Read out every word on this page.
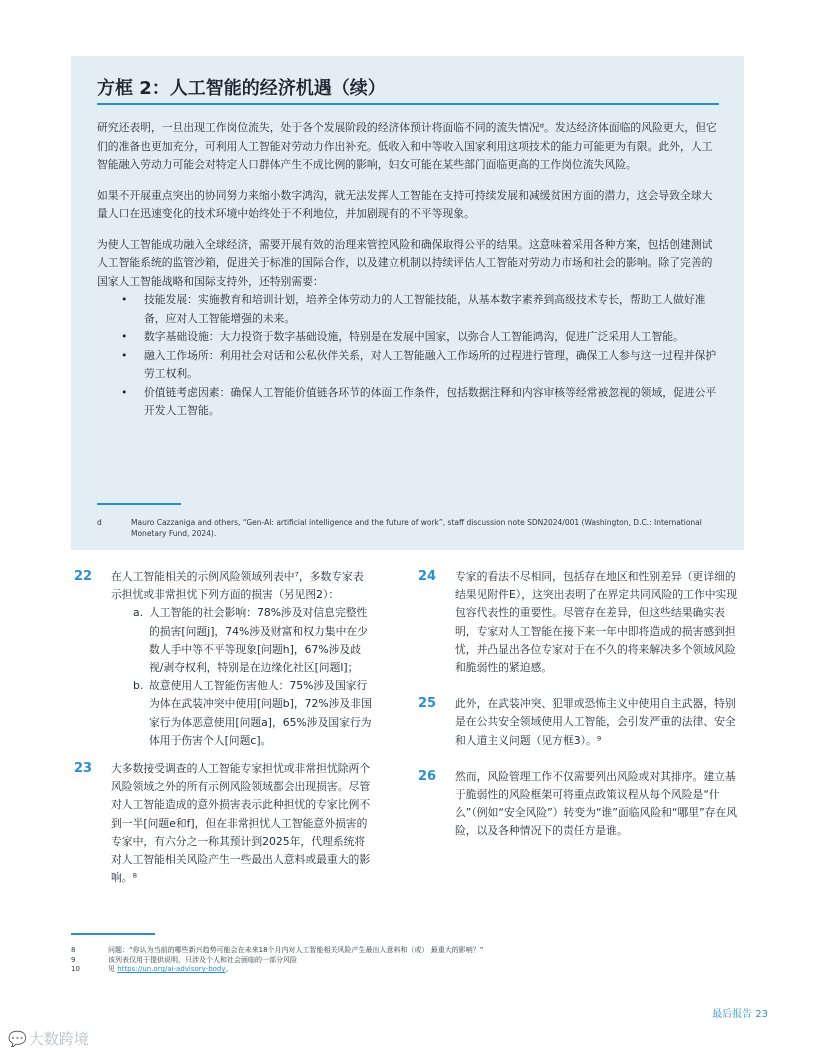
方框 2：人工智能的经济机遇（续）

研究还表明，一旦出现工作岗位流失，处于各个发展阶段的经济体预计将面临不同的流失情况ᵈ。发达经济体面临的风险更大，但它们的准备也更加充分，可利用人工智能对劳动力作出补充。低收入和中等收入国家利用这项技术的能力可能更为有限。此外，人工智能融入劳动力可能会对特定人口群体产生不成比例的影响，妇女可能在某些部门面临更高的工作岗位流失风险。

如果不开展重点突出的协同努力来缩小数字鸿沟，就无法发挥人工智能在支持可持续发展和减缓贫困方面的潜力，这会导致全球大量人口在迅速变化的技术环境中始终处于不利地位，并加剧现有的不平等现象。

为使人工智能成功融入全球经济，需要开展有效的治理来管控风险和确保取得公平的结果。这意味着采用各种方案，包括创建测试人工智能系统的监管沙箱，促进关于标准的国际合作，以及建立机制以持续评估人工智能对劳动力市场和社会的影响。除了完善的国家人工智能战略和国际支持外，还特别需要：

• 技能发展：实施教育和培训计划，培养全体劳动力的人工智能技能，从基本数字素养到高级技术专长，帮助工人做好准备，应对人工智能增强的未来。
• 数字基础设施：大力投资于数字基础设施，特别是在发展中国家，以弥合人工智能鸿沟，促进广泛采用人工智能。
• 融入工作场所：利用社会对话和公私伙伴关系，对人工智能融入工作场所的过程进行管理，确保工人参与这一过程并保护劳工权利。
• 价值链考虑因素：确保人工智能价值链各环节的体面工作条件，包括数据注释和内容审核等经常被忽视的领域，促进公平开发人工智能。
d	Mauro Cazzaniga and others, “Gen-AI: artificial intelligence and the future of work”, staff discussion note SDN2024/001 (Washington, D.C.: International Monetary Fund, 2024).
22 在人工智能相关的示例风险领域列表中⁷，多数专家表示担忧或非常担忧下列方面的损害（另见图2）：
a. 人工智能的社会影响：78%涉及对信息完整性的损害[问题j]，74%涉及财富和权力集中在少数人手中等不平等现象[问题h]，67%涉及歧视/剥夺权利，特别是在边缘化社区[问题l]；
b. 故意使用人工智能伤害他人：75%涉及国家行为体在武装冲突中使用[问题b]，72%涉及非国家行为体恶意使用[问题a]，65%涉及国家行为体用于伤害个人[问题c]。
23 大多数接受调查的人工智能专家担忧或非常担忧除两个风险领域之外的所有示例风险领域都会出现损害。尽管对人工智能造成的意外损害表示此种担忧的专家比例不到一半[问题e和f]，但在非常担忧人工智能意外损害的专家中，有六分之一称其预计到2025年，代理系统将对人工智能相关风险产生一些最出人意料或最重大的影响。⁸
24 专家的看法不尽相同，包括存在地区和性别差异（更详细的结果见附件E），这突出表明了在界定共同风险的工作中实现包容代表性的重要性。尽管存在差异，但这些结果确实表明，专家对人工智能在接下来一年中即将造成的损害感到担忧，并凸显出各位专家对于在不久的将来解决多个领域风险和脆弱性的紧迫感。
25 此外，在武装冲突、犯罪或恐怖主义中使用自主武器，特别是在公共安全领域使用人工智能，会引发严重的法律、安全和人道主义问题（见方框3）。⁹
26 然而，风险管理工作不仅需要列出风险或对其排序。建立基于脆弱性的风险框架可将重点政策议程从每个风险是“什么”（例如“安全风险”）转变为“谁”面临风险和“哪里”存在风险，以及各种情况下的责任方是谁。
8	问题：“你认为当前的哪些新兴趋势可能会在未来18个月内对人工智能相关风险产生最出人意料和（或） 最重大的影响？”
9	该列表仅用于提供说明，只涉及个人和社会面临的一部分风险
10	见 https://un.org/ai-advisory-body。
最后报告 23
💬 大数跨境
